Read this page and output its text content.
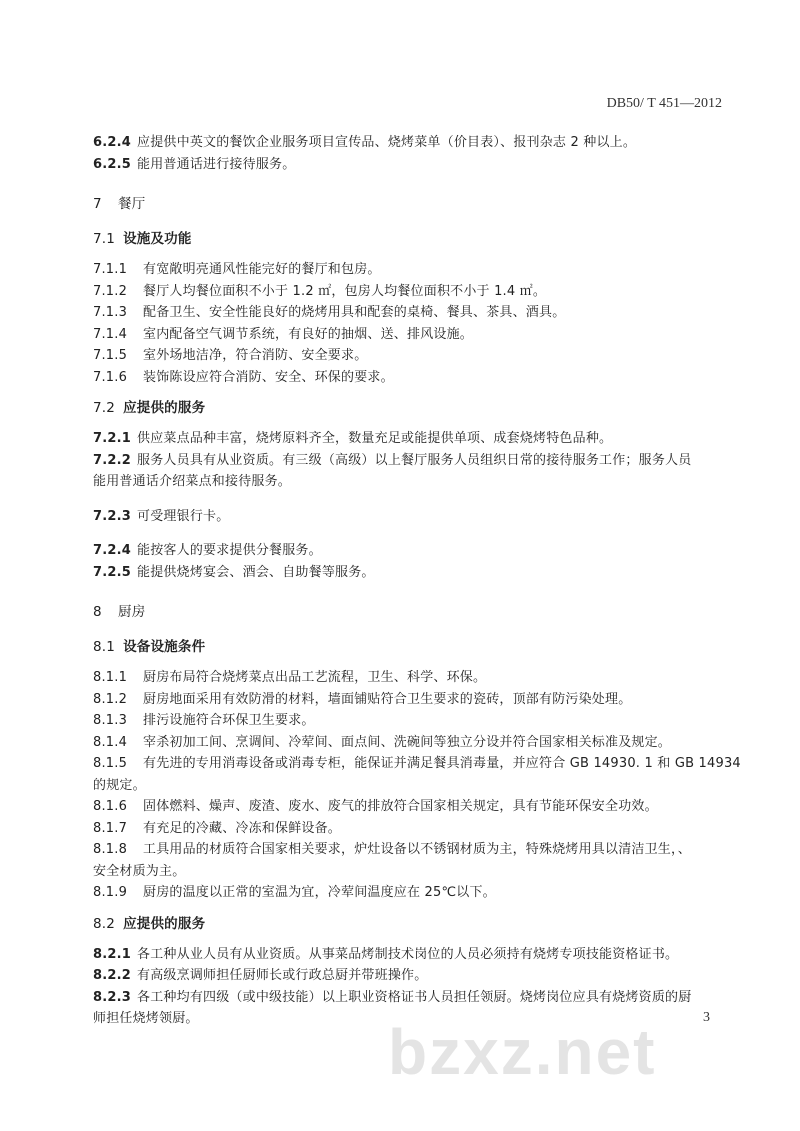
DB50/ T 451—2012
6.2.4 应提供中英文的餐饮企业服务项目宣传品、烧烤菜单（价目表）、报刊杂志 2 种以上。
6.2.5 能用普通话进行接待服务。
7 餐厅
7.1 设施及功能
7.1.1 有宽敞明亮通风性能完好的餐厅和包房。
7.1.2 餐厅人均餐位面积不小于 1.2 ㎡，包房人均餐位面积不小于 1.4 ㎡。
7.1.3 配备卫生、安全性能良好的烧烤用具和配套的桌椅、餐具、茶具、酒具。
7.1.4 室内配备空气调节系统，有良好的抽烟、送、排风设施。
7.1.5 室外场地洁净，符合消防、安全要求。
7.1.6 装饰陈设应符合消防、安全、环保的要求。
7.2 应提供的服务
7.2.1 供应菜点品种丰富，烧烤原料齐全，数量充足或能提供单项、成套烧烤特色品种。
7.2.2 服务人员具有从业资质。有三级（高级）以上餐厅服务人员组织日常的接待服务工作；服务人员
能用普通话介绍菜点和接待服务。
7.2.3 可受理银行卡。
7.2.4 能按客人的要求提供分餐服务。
7.2.5 能提供烧烤宴会、酒会、自助餐等服务。
8 厨房
8.1 设备设施条件
8.1.1 厨房布局符合烧烤菜点出品工艺流程，卫生、科学、环保。
8.1.2 厨房地面采用有效防滑的材料，墙面铺贴符合卫生要求的瓷砖，顶部有防污染处理。
8.1.3 排污设施符合环保卫生要求。
8.1.4 宰杀初加工间、烹调间、冷荤间、面点间、洗碗间等独立分设并符合国家相关标准及规定。
8.1.5 有先进的专用消毒设备或消毒专柜，能保证并满足餐具消毒量，并应符合 GB 14930. 1 和 GB 14934
的规定。
8.1.6 固体燃料、燥声、废渣、废水、废气的排放符合国家相关规定，具有节能环保安全功效。
8.1.7 有充足的冷藏、冷冻和保鲜设备。
8.1.8 工具用品的材质符合国家相关要求，炉灶设备以不锈钢材质为主，特殊烧烤用具以清洁卫生，、
安全材质为主。
8.1.9 厨房的温度以正常的室温为宜，冷荤间温度应在 25℃以下。
8.2 应提供的服务
8.2.1 各工种从业人员有从业资质。从事菜品烤制技术岗位的人员必须持有烧烤专项技能资格证书。
8.2.2 有高级烹调师担任厨师长或行政总厨并带班操作。
8.2.3 各工种均有四级（或中级技能）以上职业资格证书人员担任领厨。烧烤岗位应具有烧烤资质的厨
师担任烧烤领厨。	bzxz.net	3
